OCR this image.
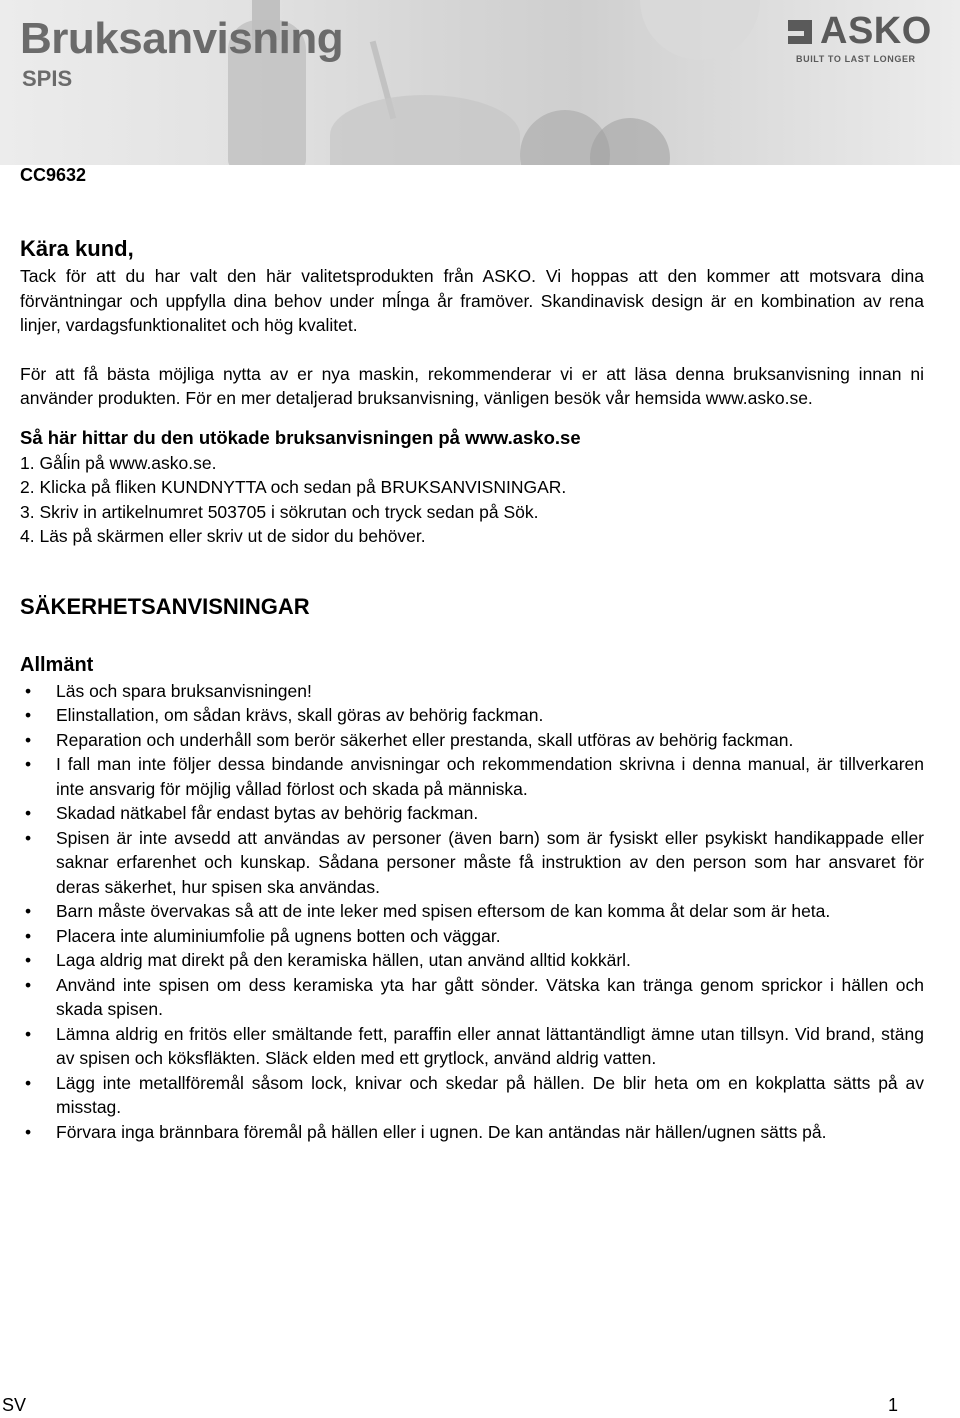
Bruksanvisning
SPIS
ASKO
BUILT TO LAST LONGER
CC9632
Kära kund,

Tack för att du har valt den här valitetsprodukten från ASKO. Vi hoppas att den kommer att motsvara dina förväntningar och uppfylla dina behov under mĺnga år framöver. Skandinavisk design är en kombination av rena linjer, vardagsfunktionalitet och hög kvalitet.

För att få bästa möjliga nytta av er nya maskin, rekommenderar vi er att läsa denna bruksanvisning innan ni använder produkten. För en mer detaljerad bruksanvisning, vänligen besök vår hemsida www.asko.se.

Så här hittar du den utökade bruksanvisningen på www.asko.se
1. Gåĺin på www.asko.se.
2. Klicka på fliken KUNDNYTTA och sedan på BRUKSANVISNINGAR.
3. Skriv in artikelnumret 503705 i sökrutan och tryck sedan på Sök.
4. Läs på skärmen eller skriv ut de sidor du behöver.
SÄKERHETSANVISNINGAR
Allmänt
• Läs och spara bruksanvisningen!
• Elinstallation, om sådan krävs, skall göras av behörig fackman.
• Reparation och underhåll som berör säkerhet eller prestanda, skall utföras av behörig fackman.
• I fall man inte följer dessa bindande anvisningar och rekommendation skrivna i denna manual, är tillverkaren inte ansvarig för möjlig vållad förlost och skada på människa.
• Skadad nätkabel får endast bytas av behörig fackman.
• Spisen är inte avsedd att användas av personer (även barn) som är fysiskt eller psykiskt handikappade eller saknar erfarenhet och kunskap. Sådana personer måste få instruktion av den person som har ansvaret för deras säkerhet, hur spisen ska användas.
• Barn måste övervakas så att de inte leker med spisen eftersom de kan komma åt delar som är heta.
• Placera inte aluminiumfolie på ugnens botten och väggar.
• Laga aldrig mat direkt på den keramiska hällen, utan använd alltid kokkärl.
• Använd inte spisen om dess keramiska yta har gått sönder. Vätska kan tränga genom sprickor i hällen och skada spisen.
• Lämna aldrig en fritös eller smältande fett, paraffin eller annat lättantändligt ämne utan tillsyn. Vid brand, stäng av spisen och köksfläkten. Släck elden med ett grytlock, använd aldrig vatten.
• Lägg inte metallföremål såsom lock, knivar och skedar på hällen. De blir heta om en kokplatta sätts på av misstag.
• Förvara inga brännbara föremål på hällen eller i ugnen. De kan antändas när hällen/ugnen sätts på.
SV	1
